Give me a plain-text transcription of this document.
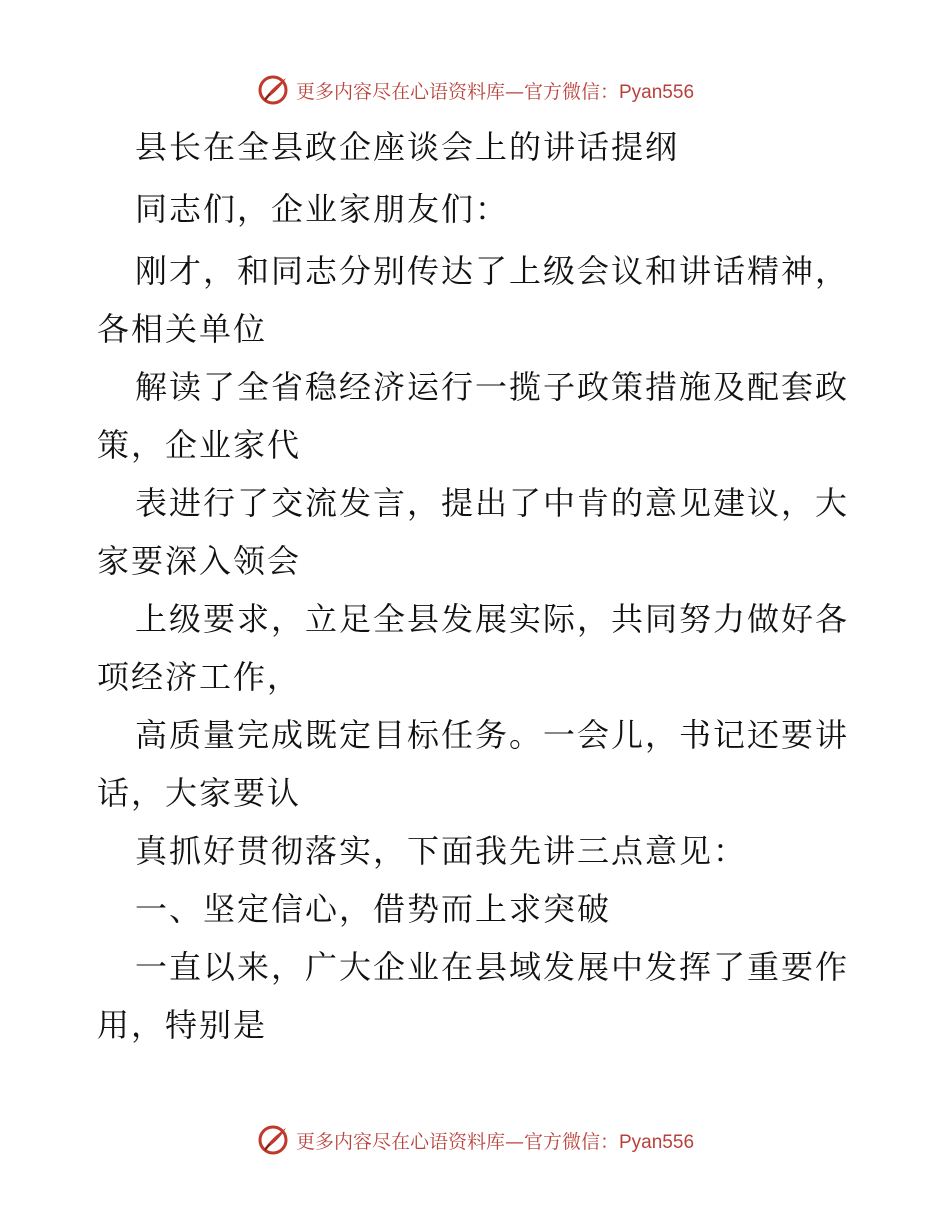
更多内容尽在心语资料库—官方微信：Pyan556
县长在全县政企座谈会上的讲话提纲
同志们，企业家朋友们：
刚才，和同志分别传达了上级会议和讲话精神，
各相关单位
解读了全省稳经济运行一揽子政策措施及配套政
策，企业家代
表进行了交流发言，提出了中肯的意见建议，大
家要深入领会
上级要求，立足全县发展实际，共同努力做好各
项经济工作，
高质量完成既定目标任务。一会儿，书记还要讲
话，大家要认
真抓好贯彻落实，下面我先讲三点意见：
一、坚定信心，借势而上求突破
一直以来，广大企业在县域发展中发挥了重要作
用，特别是
更多内容尽在心语资料库—官方微信：Pyan556
